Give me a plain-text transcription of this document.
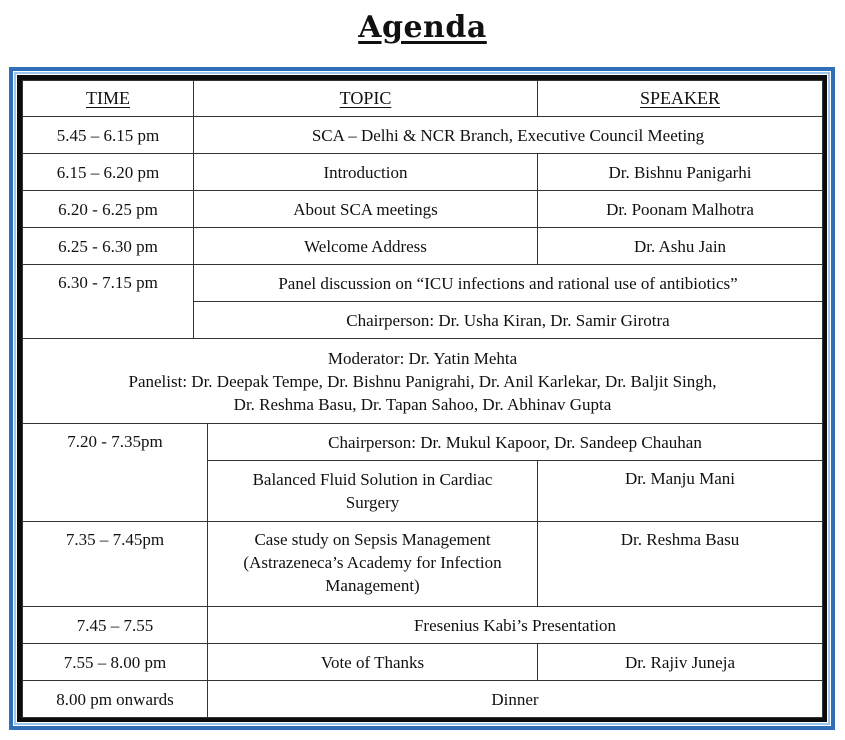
Agenda
TIME	TOPIC		SPEAKER
5.45 – 6.15 pm	SCA – Delhi & NCR Branch, Executive Council Meeting		
6.15 – 6.20 pm	Introduction		Dr. Bishnu Panigarhi
6.20 - 6.25 pm	About SCA meetings		Dr. Poonam Malhotra
6.25 - 6.30 pm	Welcome Address		Dr. Ashu Jain
6.30 - 7.15 pm	Panel discussion on “ICU infections and rational use of antibiotics”		
	Chairperson: Dr. Usha Kiran, Dr. Samir Girotra		

Moderator: Dr. Yatin Mehta
Panelist: Dr. Deepak Tempe, Dr. Bishnu Panigrahi, Dr. Anil Karlekar, Dr. Baljit Singh,
Dr. Reshma Basu, Dr. Tapan Sahoo, Dr. Abhinav Gupta			

7.20 - 7.35pm		Chairperson: Dr. Mukul Kapoor, Dr. Sandeep Chauhan	

		Balanced Fluid Solution in Cardiac
Surgery	Dr. Manju Mani
7.35 – 7.45pm		Case study on Sepsis Management
(Astrazeneca’s Academy for Infection
Management)	Dr. Reshma Basu
7.45 – 7.55		Fresenius Kabi’s Presentation	
7.55 – 8.00 pm		Vote of Thanks	Dr. Rajiv Juneja
8.00 pm onwards		Dinner	
